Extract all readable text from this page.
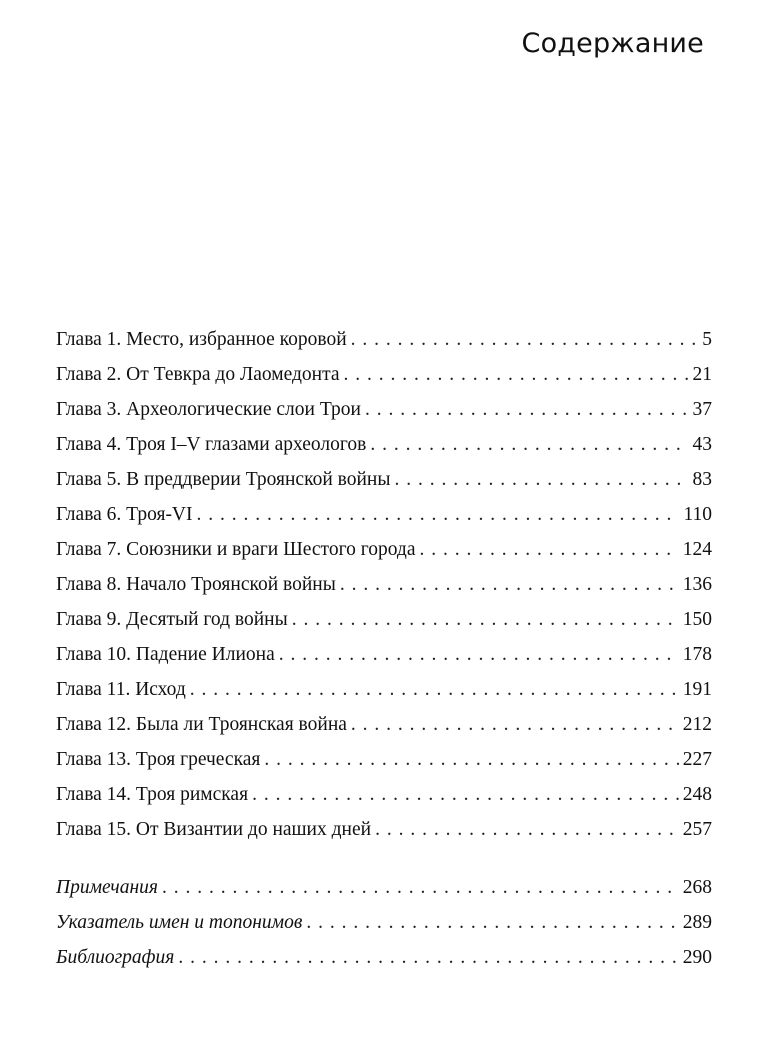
Содержание
Глава 1. Место, избранное коровой . . .	5
Глава 2. От Тевкра до Лаомедонта . . .	21
Глава 3. Археологические слои Трои . . .	37
Глава 4. Троя I–V глазами археологов . . .	43
Глава 5. В преддверии Троянской войны . . .	83
Глава 6. Троя-VI . . .	110
Глава 7. Союзники и враги Шестого города . . .	124
Глава 8. Начало Троянской войны . . .	136
Глава 9. Десятый год войны . . .	150
Глава 10. Падение Илиона . . .	178
Глава 11. Исход . . .	191
Глава 12. Была ли Троянская война . . .	212
Глава 13. Троя греческая . . .	227
Глава 14. Троя римская . . .	248
Глава 15. От Византии до наших дней . . .	257
Примечания . . .	268
Указатель имен и топонимов . . .	289
Библиография . . .	290
